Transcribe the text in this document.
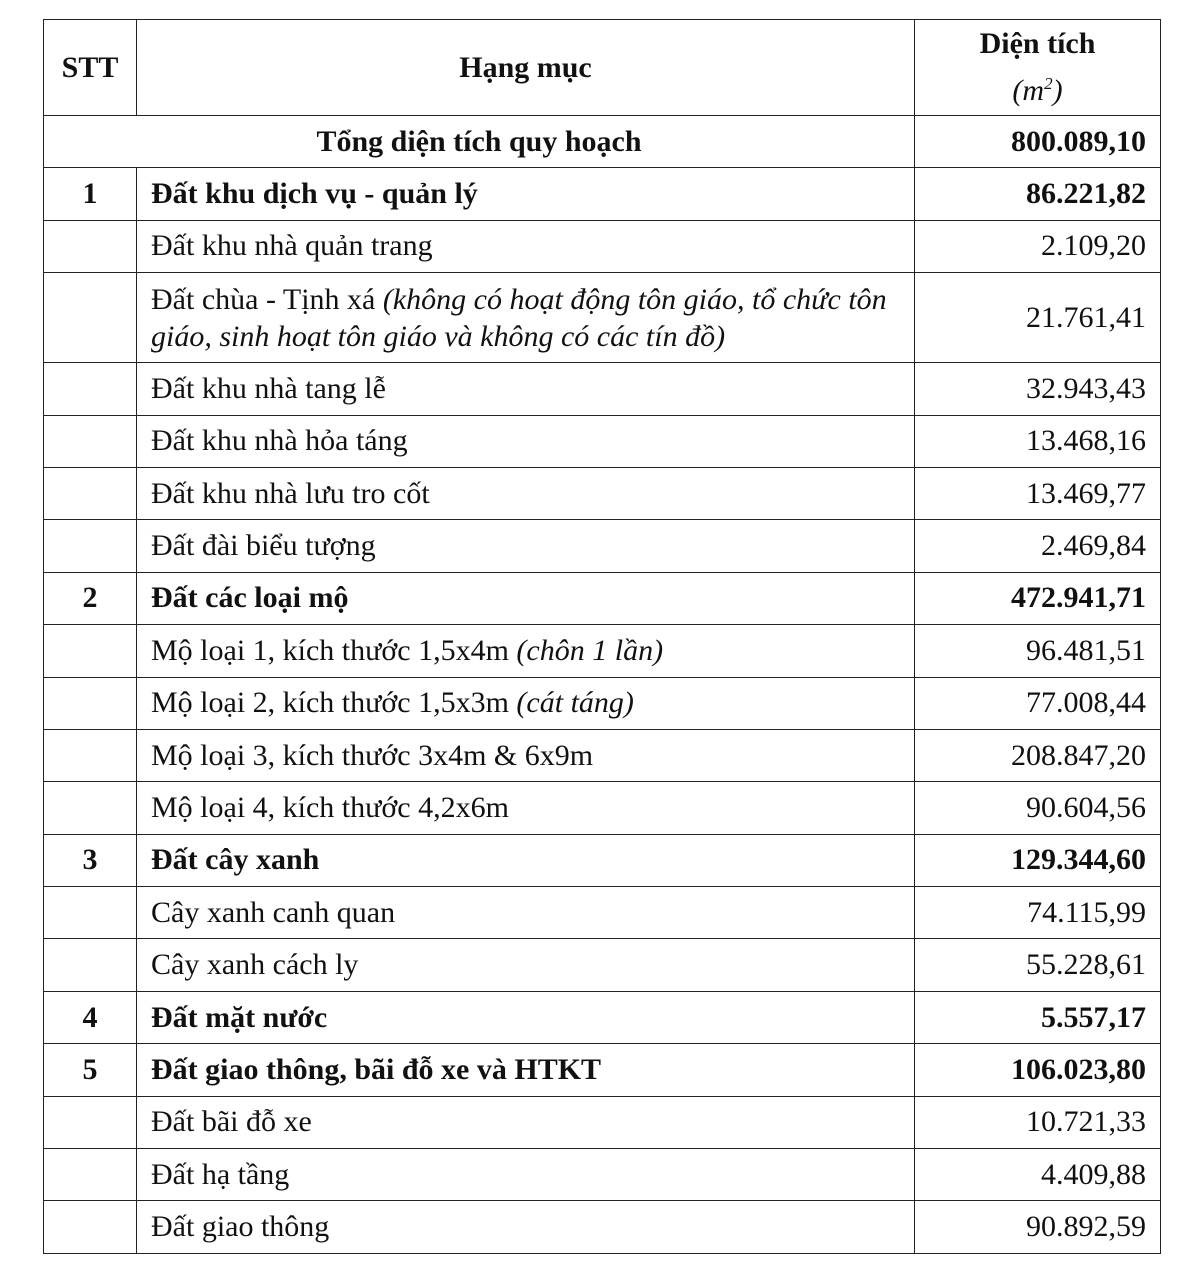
STT	Hạng mục	Diện tích
$(m^2)$

Tổng diện tích quy hoạch		800.089,10
1	Đất khu dịch vụ - quản lý	86.221,82
	Đất khu nhà quản trang	2.109,20
	Đất chùa - Tịnh xá (không có hoạt động tôn giáo, tổ chức tôn giáo, sinh hoạt tôn giáo và không có các tín đồ)	21.761,41
	Đất khu nhà tang lễ	32.943,43
	Đất khu nhà hỏa táng	13.468,16
	Đất khu nhà lưu tro cốt	13.469,77
	Đất đài biểu tượng	2.469,84
2	Đất các loại mộ	472.941,71
	Mộ loại 1, kích thước 1,5x4m (chôn 1 lần)	96.481,51
	Mộ loại 2, kích thước 1,5x3m (cát táng)	77.008,44
	Mộ loại 3, kích thước 3x4m & 6x9m	208.847,20
	Mộ loại 4, kích thước 4,2x6m	90.604,56
3	Đất cây xanh	129.344,60
	Cây xanh canh quan	74.115,99
	Cây xanh cách ly	55.228,61
4	Đất mặt nước	5.557,17
5	Đất giao thông, bãi đỗ xe và HTKT	106.023,80
	Đất bãi đỗ xe	10.721,33
	Đất hạ tầng	4.409,88
	Đất giao thông	90.892,59
